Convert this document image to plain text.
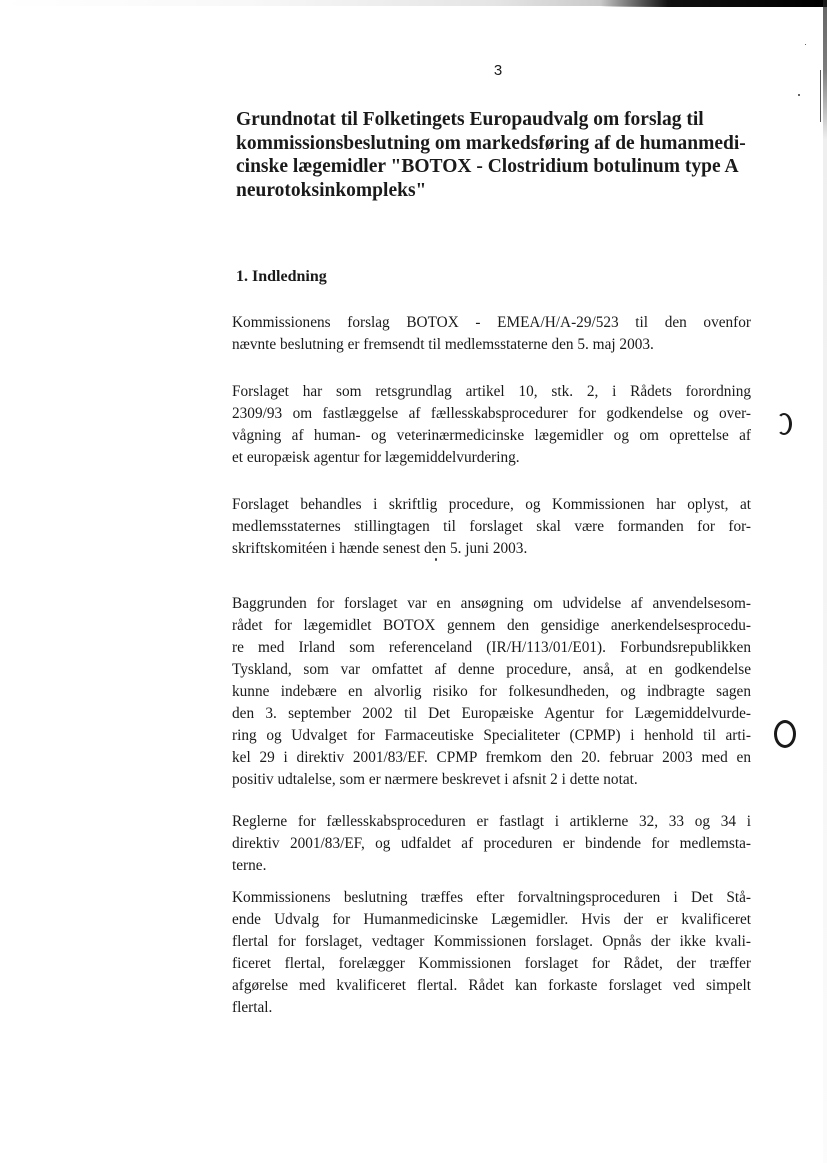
3
Grundnotat til Folketingets Europaudvalg om forslag til
kommissionsbeslutning om markedsføring af de humanmedi-
cinske lægemidler "BOTOX - Clostridium botulinum type A
neurotoksinkompleks"
1. Indledning

Kommissionens forslag BOTOX - EMEA/H/A-29/523 til den ovenfor
nævnte beslutning er fremsendt til medlemsstaterne den 5. maj 2003.

Forslaget har som retsgrundlag artikel 10, stk. 2, i Rådets forordning
2309/93 om fastlæggelse af fællesskabsprocedurer for godkendelse og over-
vågning af human- og veterinærmedicinske lægemidler og om oprettelse af
et europæisk agentur for lægemiddelvurdering.

Forslaget behandles i skriftlig procedure, og Kommissionen har oplyst, at
medlemsstaternes stillingtagen til forslaget skal være formanden for for-
skriftskomitéen i hænde senest den 5. juni 2003.

Baggrunden for forslaget var en ansøgning om udvidelse af anvendelsesom-
rådet for lægemidlet BOTOX gennem den gensidige anerkendelsesprocedu-
re med Irland som referenceland (IR/H/113/01/E01). Forbundsrepublikken
Tyskland, som var omfattet af denne procedure, anså, at en godkendelse
kunne indebære en alvorlig risiko for folkesundheden, og indbragte sagen
den 3. september 2002 til Det Europæiske Agentur for Lægemiddelvurde-
ring og Udvalget for Farmaceutiske Specialiteter (CPMP) i henhold til arti-
kel 29 i direktiv 2001/83/EF. CPMP fremkom den 20. februar 2003 med en
positiv udtalelse, som er nærmere beskrevet i afsnit 2 i dette notat.

Reglerne for fællesskabsproceduren er fastlagt i artiklerne 32, 33 og 34 i
direktiv 2001/83/EF, og udfaldet af proceduren er bindende for medlemsta-
terne.

Kommissionens beslutning træffes efter forvaltningsproceduren i Det Stå-
ende Udvalg for Humanmedicinske Lægemidler. Hvis der er kvalificeret
flertal for forslaget, vedtager Kommissionen forslaget. Opnås der ikke kvali-
ficeret flertal, forelægger Kommissionen forslaget for Rådet, der træffer
afgørelse med kvalificeret flertal. Rådet kan forkaste forslaget ved simpelt
flertal.
